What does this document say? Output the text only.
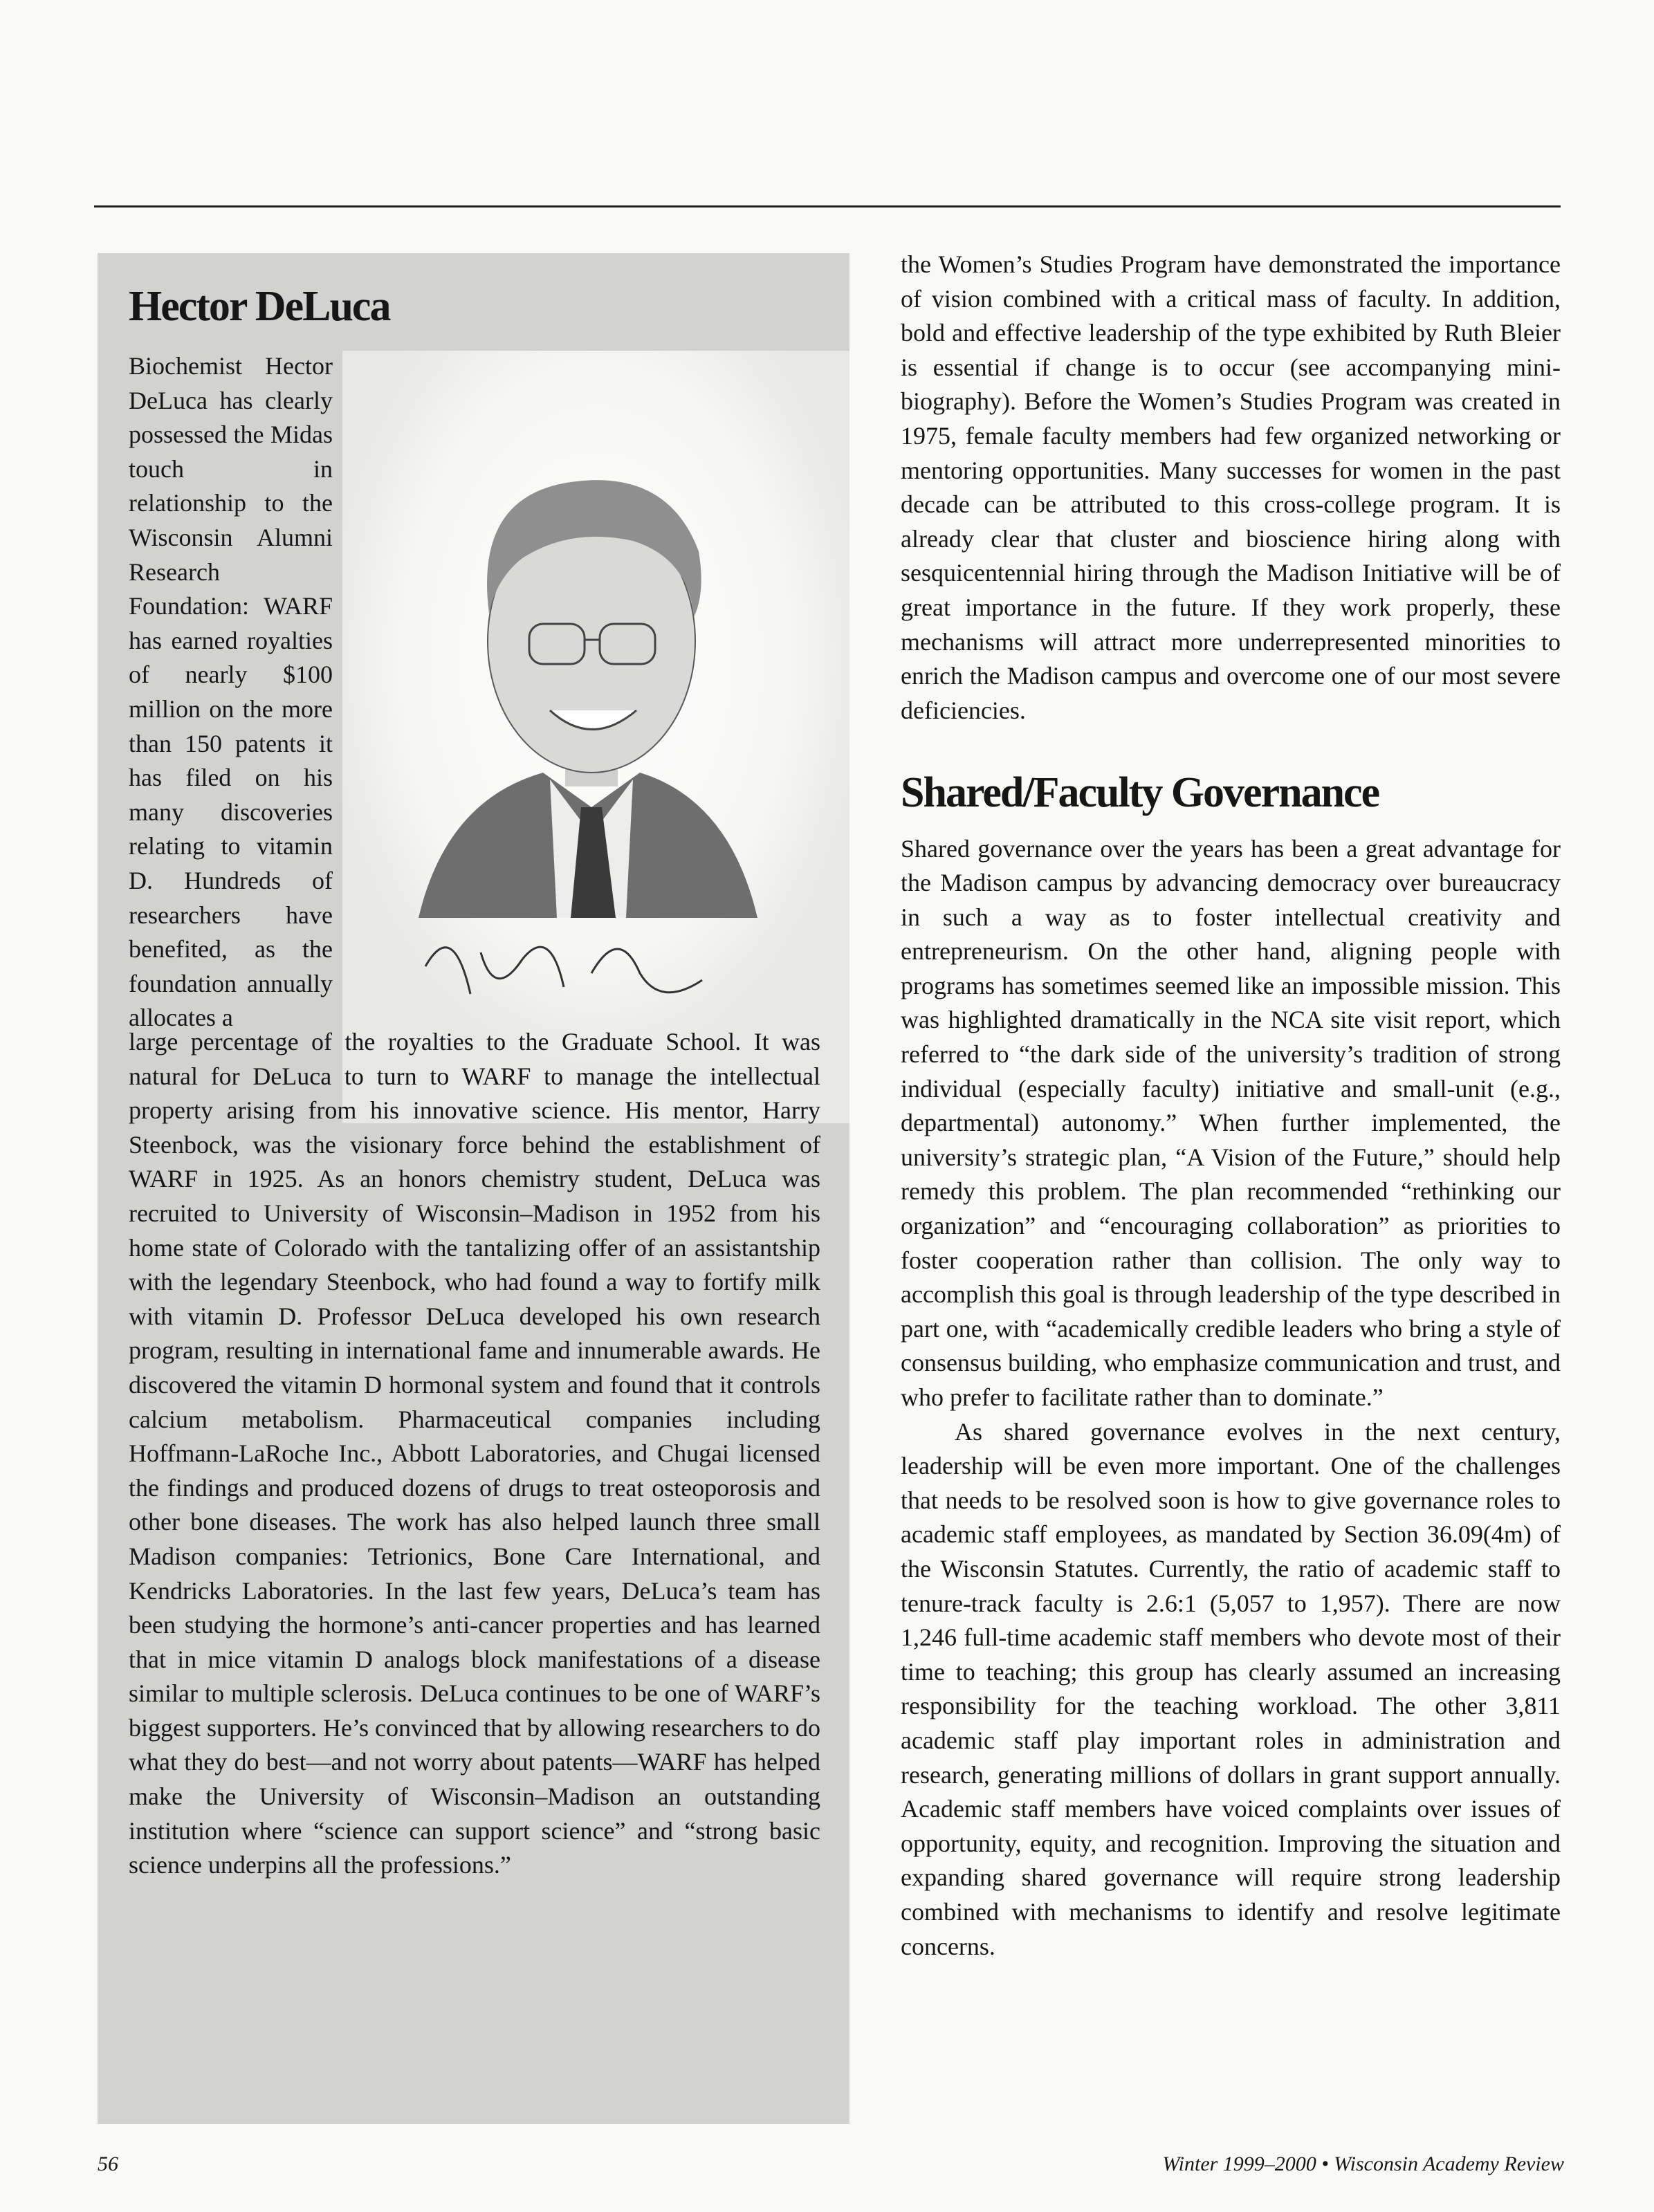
Hector DeLuca

Biochemist Hector DeLuca has clearly possessed the Midas touch in relationship to the Wisconsin Alumni Research Foundation: WARF has earned royalties of nearly $100 million on the more than 150 patents it has filed on his many discoveries relating to vitamin D. Hundreds of researchers have benefited, as the foundation annually allocates a

large percentage of the royalties to the Graduate School. It was natural for DeLuca to turn to WARF to manage the intellectual property arising from his innovative science. His mentor, Harry Steenbock, was the visionary force behind the establishment of WARF in 1925. As an honors chemistry student, DeLuca was recruited to University of Wisconsin–Madison in 1952 from his home state of Colorado with the tantalizing offer of an assistantship with the legendary Steenbock, who had found a way to fortify milk with vitamin D. Professor DeLuca developed his own research program, resulting in international fame and innumerable awards. He discovered the vitamin D hormonal system and found that it controls calcium metabolism. Pharmaceutical companies including Hoffmann-LaRoche Inc., Abbott Laboratories, and Chugai licensed the findings and produced dozens of drugs to treat osteoporosis and other bone diseases. The work has also helped launch three small Madison companies: Tetrionics, Bone Care International, and Kendricks Laboratories. In the last few years, DeLuca’s team has been studying the hormone’s anti-cancer properties and has learned that in mice vitamin D analogs block manifestations of a disease similar to multiple sclerosis. DeLuca continues to be one of WARF’s biggest supporters. He’s convinced that by allowing researchers to do what they do best—and not worry about patents—WARF has helped make the University of Wisconsin–Madison an outstanding institution where “science can support science” and “strong basic science underpins all the professions.”

the Women’s Studies Program have demonstrated the importance of vision combined with a critical mass of faculty. In addition, bold and effective leadership of the type exhibited by Ruth Bleier is essential if change is to occur (see accompanying mini-biography). Before the Women’s Studies Program was created in 1975, female faculty members had few organized networking or mentoring opportunities. Many successes for women in the past decade can be attributed to this cross-college program. It is already clear that cluster and bioscience hiring along with sesquicentennial hiring through the Madison Initiative will be of great importance in the future. If they work properly, these mechanisms will attract more underrepresented minorities to enrich the Madison campus and overcome one of our most severe deficiencies.

Shared/Faculty Governance

Shared governance over the years has been a great advantage for the Madison campus by advancing democracy over bureaucracy in such a way as to foster intellectual creativity and entrepreneurism. On the other hand, aligning people with programs has sometimes seemed like an impossible mission. This was highlighted dramatically in the NCA site visit report, which referred to “the dark side of the university’s tradition of strong individual (especially faculty) initiative and small-unit (e.g., departmental) autonomy.” When further implemented, the university’s strategic plan, “A Vision of the Future,” should help remedy this problem. The plan recommended “rethinking our organization” and “encouraging collaboration” as priorities to foster cooperation rather than collision. The only way to accomplish this goal is through leadership of the type described in part one, with “academically credible leaders who bring a style of consensus building, who emphasize communication and trust, and who prefer to facilitate rather than to dominate.”

As shared governance evolves in the next century, leadership will be even more important. One of the challenges that needs to be resolved soon is how to give governance roles to academic staff employees, as mandated by Section 36.09(4m) of the Wisconsin Statutes. Currently, the ratio of academic staff to tenure-track faculty is 2.6:1 (5,057 to 1,957). There are now 1,246 full-time academic staff members who devote most of their time to teaching; this group has clearly assumed an increasing responsibility for the teaching workload. The other 3,811 academic staff play important roles in administration and research, generating millions of dollars in grant support annually. Academic staff members have voiced complaints over issues of opportunity, equity, and recognition. Improving the situation and expanding shared governance will require strong leadership combined with mechanisms to identify and resolve legitimate concerns.

56	Winter 1999–2000 • Wisconsin Academy Review
